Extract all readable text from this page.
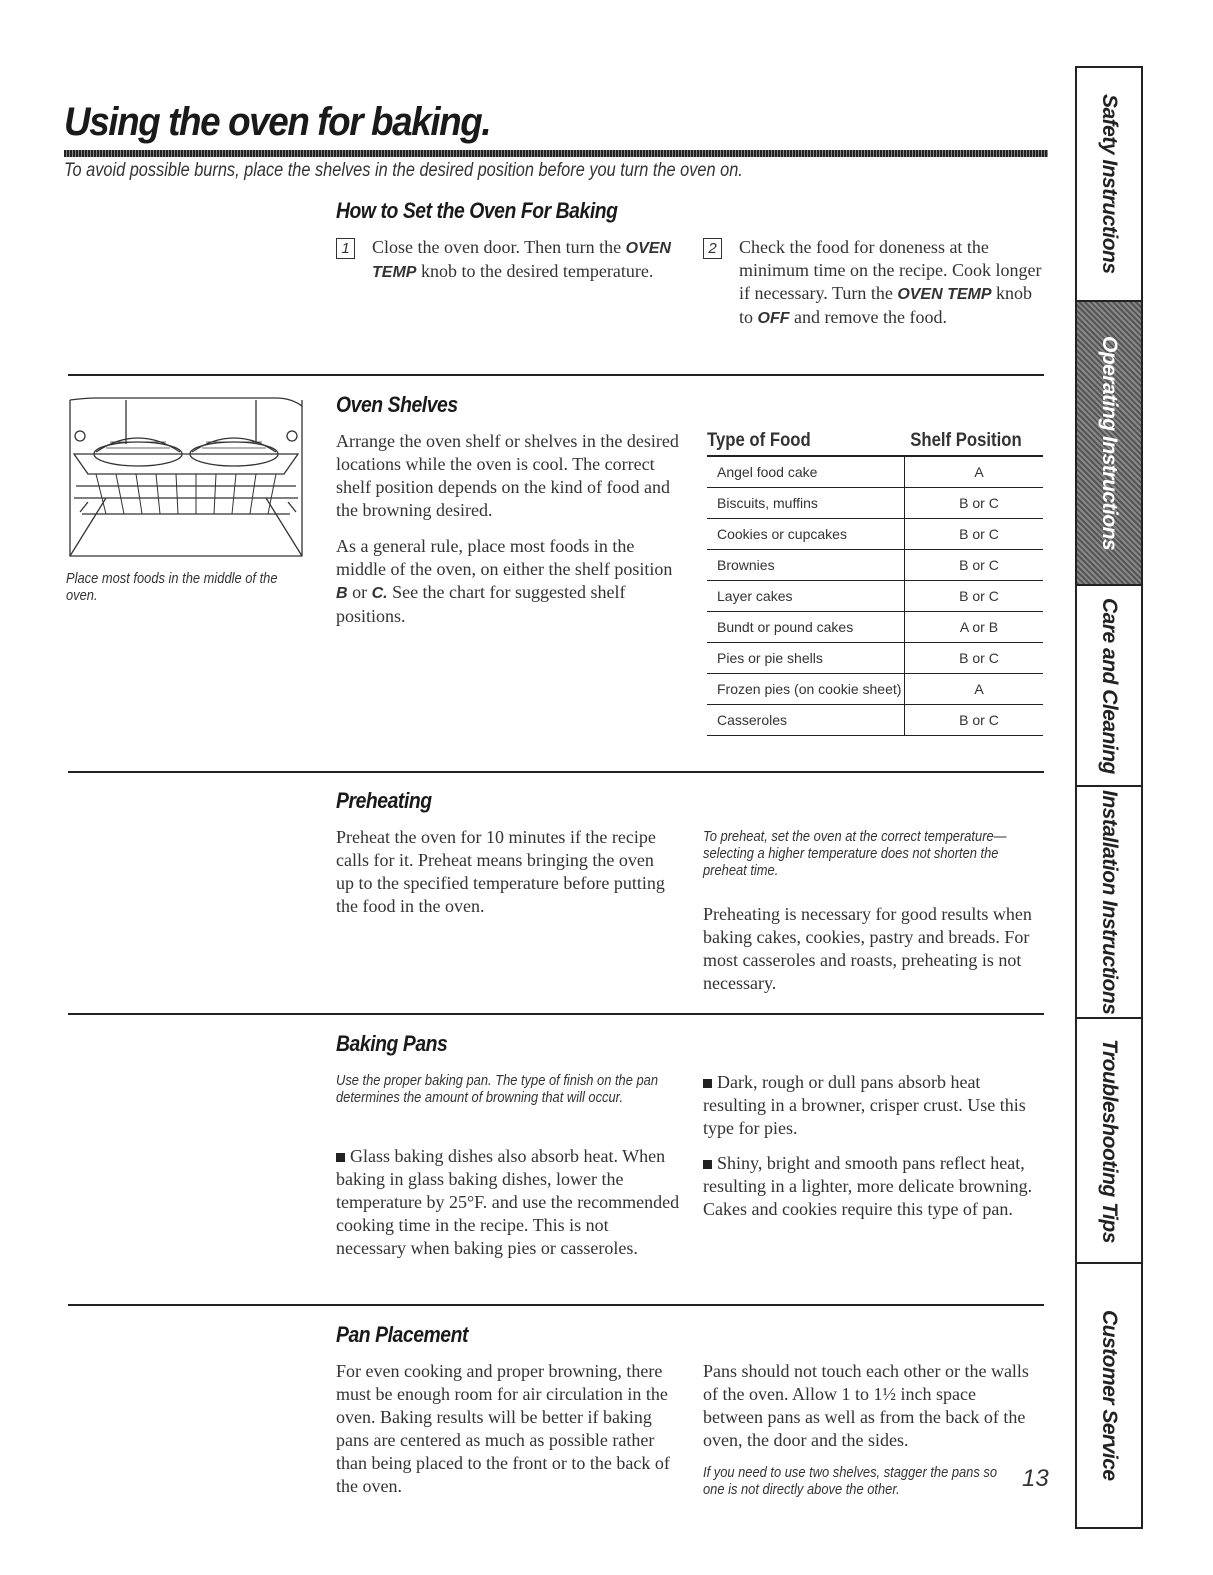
Using the oven for baking.
To avoid possible burns, place the shelves in the desired position before you turn the oven on.
How to Set the Oven For Baking
1 Close the oven door. Then turn the OVEN TEMP knob to the desired temperature.
2 Check the food for doneness at the minimum time on the recipe. Cook longer if necessary. Turn the OVEN TEMP knob to OFF and remove the food.
Place most foods in the middle of the oven.
Oven Shelves
Arrange the oven shelf or shelves in the desired locations while the oven is cool. The correct shelf position depends on the kind of food and the browning desired.
As a general rule, place most foods in the middle of the oven, on either the shelf position B or C. See the chart for suggested shelf positions.
Type of Food	Shelf Position
Angel food cake	A
Biscuits, muffins	B or C
Cookies or cupcakes	B or C
Brownies	B or C
Layer cakes	B or C
Bundt or pound cakes	A or B
Pies or pie shells	B or C
Frozen pies (on cookie sheet)	A
Casseroles	B or C
Preheating
Preheat the oven for 10 minutes if the recipe calls for it. Preheat means bringing the oven up to the specified temperature before putting the food in the oven.
To preheat, set the oven at the correct temperature—selecting a higher temperature does not shorten the preheat time.
Preheating is necessary for good results when baking cakes, cookies, pastry and breads. For most casseroles and roasts, preheating is not necessary.
Baking Pans
Use the proper baking pan. The type of finish on the pan determines the amount of browning that will occur.
Glass baking dishes also absorb heat. When baking in glass baking dishes, lower the temperature by 25°F. and use the recommended cooking time in the recipe. This is not necessary when baking pies or casseroles.
Dark, rough or dull pans absorb heat resulting in a browner, crisper crust. Use this type for pies.
Shiny, bright and smooth pans reflect heat, resulting in a lighter, more delicate browning. Cakes and cookies require this type of pan.
Pan Placement
For even cooking and proper browning, there must be enough room for air circulation in the oven. Baking results will be better if baking pans are centered as much as possible rather than being placed to the front or to the back of the oven.
Pans should not touch each other or the walls of the oven. Allow 1 to 1½ inch space between pans as well as from the back of the oven, the door and the sides.
If you need to use two shelves, stagger the pans so one is not directly above the other.	13
Safety Instructions
Operating Instructions
Care and Cleaning
Installation Instructions
Troubleshooting Tips
Customer Service
